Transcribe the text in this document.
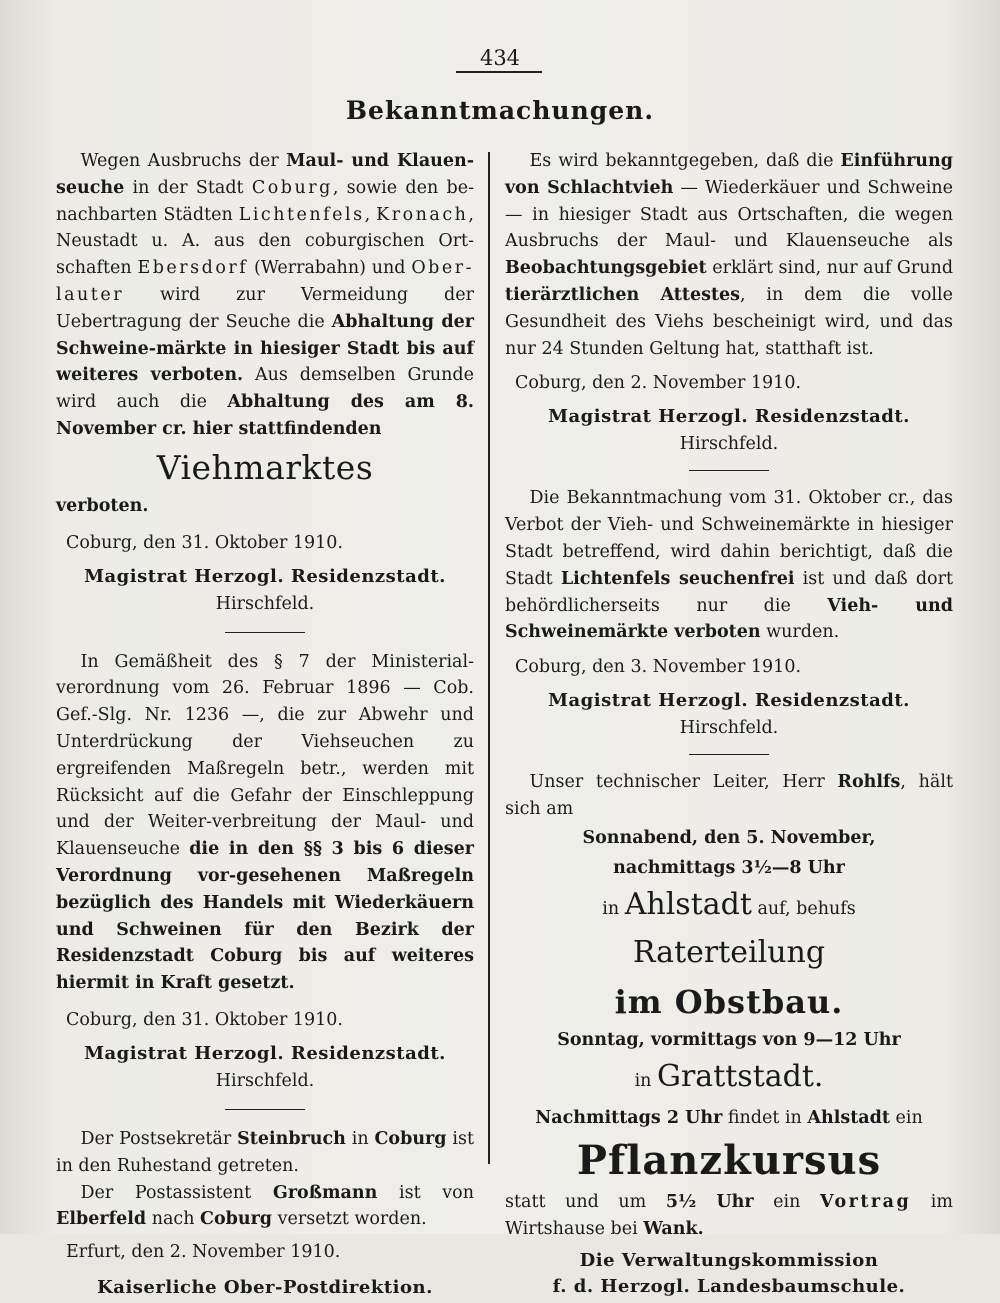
434
Bekanntmachungen.

Wegen Ausbruchs der Maul- und Klauen-seuche in der Stadt Coburg, sowie den be-nachbarten Städten Lichtenfels, Kronach, Neustadt u. A. aus den coburgischen Ort-schaften Ebersdorf (Werrabahn) und Ober-lauter wird zur Vermeidung der Uebertragung der Seuche die Abhaltung der Schweine-märkte in hiesiger Stadt bis auf weiteres verboten. Aus demselben Grunde wird auch die Abhaltung des am 8. November cr. hier stattfindenden

Viehmarktes

verboten.

Coburg, den 31. Oktober 1910.
Magistrat Herzogl. Residenzstadt.
Hirschfeld.

In Gemäßheit des § 7 der Ministerial-verordnung vom 26. Februar 1896 — Cob. Gef.-Slg. Nr. 1236 —, die zur Abwehr und Unterdrückung der Viehseuchen zu ergreifenden Maßregeln betr., werden mit Rücksicht auf die Gefahr der Einschleppung und der Weiter-verbreitung der Maul- und Klauenseuche die in den §§ 3 bis 6 dieser Verordnung vor-gesehenen Maßregeln bezüglich des Handels mit Wiederkäuern und Schweinen für den Bezirk der Residenzstadt Coburg bis auf weiteres hiermit in Kraft gesetzt.

Coburg, den 31. Oktober 1910.
Magistrat Herzogl. Residenzstadt.
Hirschfeld.

Der Postsekretär Steinbruch in Coburg ist in den Ruhestand getreten.

Der Postassistent Großmann ist von Elberfeld nach Coburg versetzt worden.

Erfurt, den 2. November 1910.
Kaiserliche Ober-Postdirektion.

Es wird bekanntgegeben, daß die Einführung von Schlachtvieh — Wiederkäuer und Schweine — in hiesiger Stadt aus Ortschaften, die wegen Ausbruchs der Maul- und Klauenseuche als Beobachtungsgebiet erklärt sind, nur auf Grund tierärztlichen Attestes, in dem die volle Gesundheit des Viehs bescheinigt wird, und das nur 24 Stunden Geltung hat, statthaft ist.

Coburg, den 2. November 1910.
Magistrat Herzogl. Residenzstadt.
Hirschfeld.

Die Bekanntmachung vom 31. Oktober cr., das Verbot der Vieh- und Schweinemärkte in hiesiger Stadt betreffend, wird dahin berichtigt, daß die Stadt Lichtenfels seuchenfrei ist und daß dort behördlicherseits nur die Vieh- und Schweinemärkte verboten wurden.

Coburg, den 3. November 1910.
Magistrat Herzogl. Residenzstadt.
Hirschfeld.

Unser technischer Leiter, Herr Rohlfs, hält sich am

Sonnabend, den 5. November,
nachmittags 3½—8 Uhr
in Ahlstadt auf, behufs Raterteilung
im Obstbau.
Sonntag, vormittags von 9—12 Uhr
in Grattstadt.
Nachmittags 2 Uhr findet in Ahlstadt ein
Pflanzkursus

statt und um 5½ Uhr ein Vortrag im Wirtshause bei Wank.

Die Verwaltungskommission
f. d. Herzogl. Landesbaumschule.
